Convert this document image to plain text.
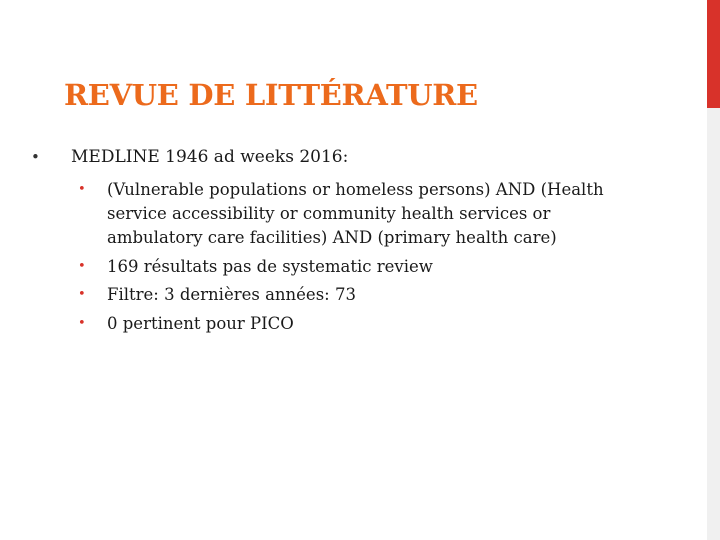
REVUE DE LITTÉRATURE
• MEDLINE 1946 ad weeks 2016:
• (Vulnerable populations or homeless persons) AND (Health service accessibility or community health services or ambulatory care facilities) AND (primary health care)
• 169 résultats pas de systematic review
• Filtre: 3 dernières années: 73
• 0 pertinent pour PICO
